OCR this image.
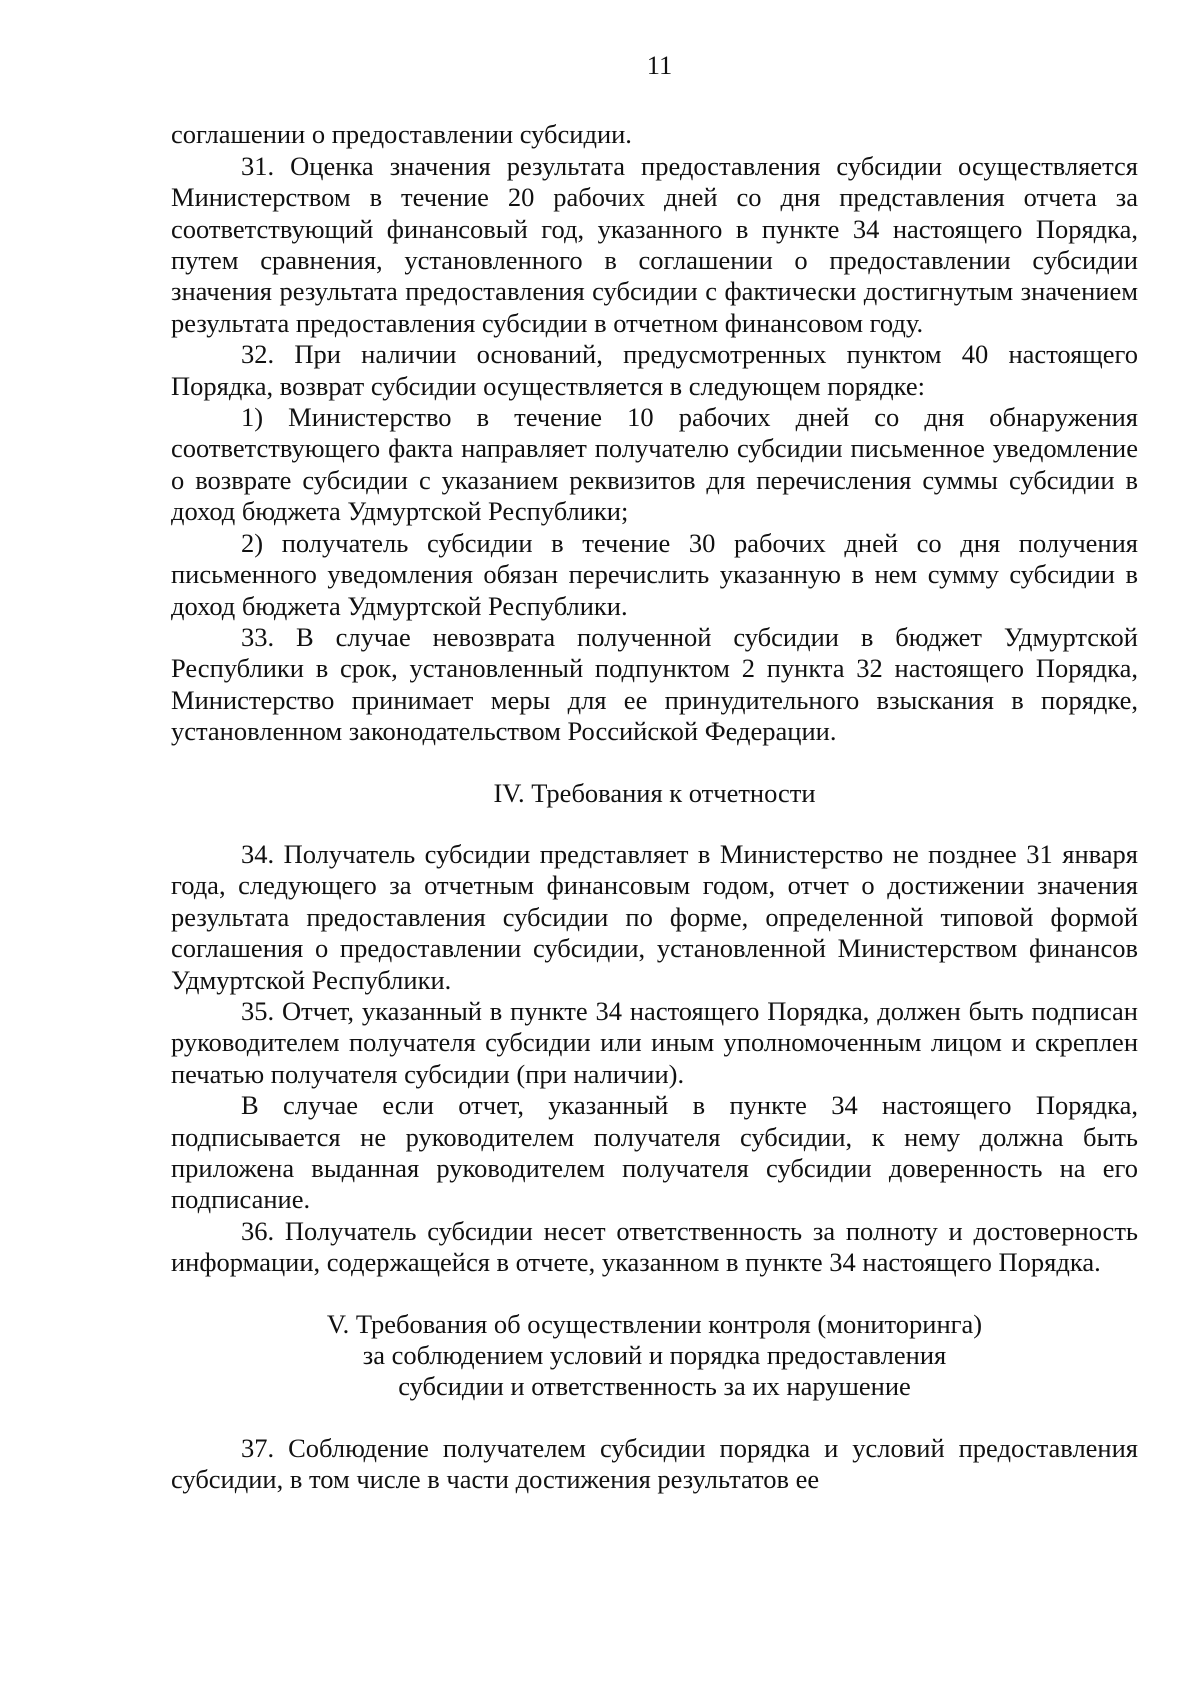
11

соглашении о предоставлении субсидии.

31. Оценка значения результата предоставления субсидии осуществляется Министерством в течение 20 рабочих дней со дня представления отчета за соответствующий финансовый год, указанного в пункте 34 настоящего Порядка, путем сравнения, установленного в соглашении о предоставлении субсидии значения результата предоставления субсидии с фактически достигнутым значением результата предоставления субсидии в отчетном финансовом году.

32. При наличии оснований, предусмотренных пунктом 40 настоящего Порядка, возврат субсидии осуществляется в следующем порядке:

1) Министерство в течение 10 рабочих дней со дня обнаружения соответствующего факта направляет получателю субсидии письменное уведомление о возврате субсидии с указанием реквизитов для перечисления суммы субсидии в доход бюджета Удмуртской Республики;

2) получатель субсидии в течение 30 рабочих дней со дня получения письменного уведомления обязан перечислить указанную в нем сумму субсидии в доход бюджета Удмуртской Республики.

33. В случае невозврата полученной субсидии в бюджет Удмуртской Республики в срок, установленный подпунктом 2 пункта 32 настоящего Порядка, Министерство принимает меры для ее принудительного взыскания в порядке, установленном законодательством Российской Федерации.

IV. Требования к отчетности

34. Получатель субсидии представляет в Министерство не позднее 31 января года, следующего за отчетным финансовым годом, отчет о достижении значения результата предоставления субсидии по форме, определенной типовой формой соглашения о предоставлении субсидии, установленной Министерством финансов Удмуртской Республики.

35. Отчет, указанный в пункте 34 настоящего Порядка, должен быть подписан руководителем получателя субсидии или иным уполномоченным лицом и скреплен печатью получателя субсидии (при наличии).

В случае если отчет, указанный в пункте 34 настоящего Порядка, подписывается не руководителем получателя субсидии, к нему должна быть приложена выданная руководителем получателя субсидии доверенность на его подписание.

36. Получатель субсидии несет ответственность за полноту и достоверность информации, содержащейся в отчете, указанном в пункте 34 настоящего Порядка.

V. Требования об осуществлении контроля (мониторинга)
за соблюдением условий и порядка предоставления
субсидии и ответственность за их нарушение

37. Соблюдение получателем субсидии порядка и условий предоставления субсидии, в том числе в части достижения результатов ее
